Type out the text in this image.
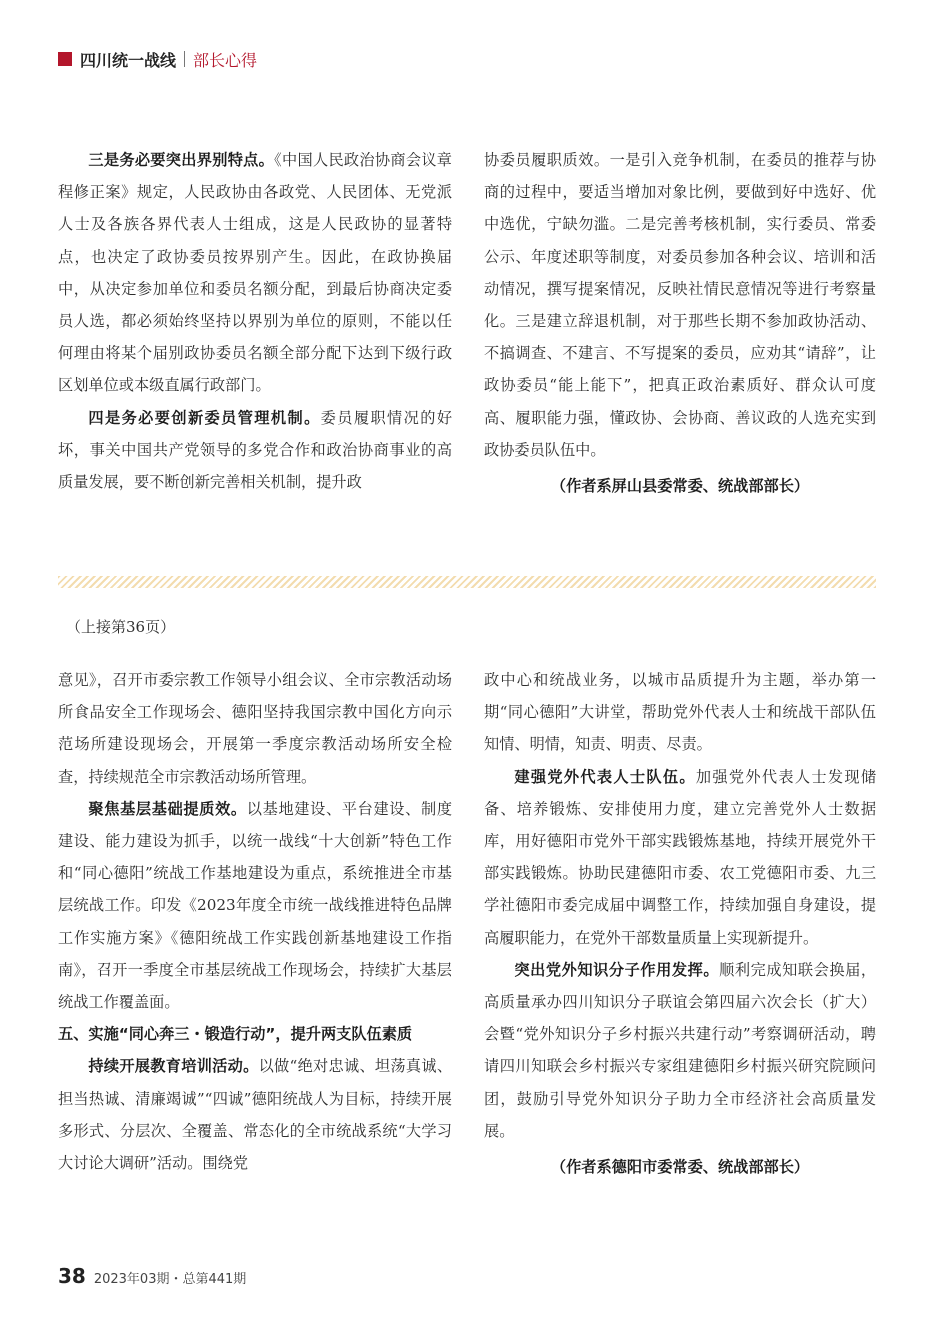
四川统一战线 部长心得

三是务必要突出界别特点。《中国人民政治协商会议章程修正案》规定，人民政协由各政党、人民团体、无党派人士及各族各界代表人士组成，这是人民政协的显著特点，也决定了政协委员按界别产生。因此，在政协换届中，从决定参加单位和委员名额分配，到最后协商决定委员人选，都必须始终坚持以界别为单位的原则，不能以任何理由将某个届别政协委员名额全部分配下达到下级行政区划单位或本级直属行政部门。

四是务必要创新委员管理机制。委员履职情况的好坏，事关中国共产党领导的多党合作和政治协商事业的高质量发展，要不断创新完善相关机制，提升政

协委员履职质效。一是引入竞争机制，在委员的推荐与协商的过程中，要适当增加对象比例，要做到好中选好、优中选优，宁缺勿滥。二是完善考核机制，实行委员、常委公示、年度述职等制度，对委员参加各种会议、培训和活动情况，撰写提案情况，反映社情民意情况等进行考察量化。三是建立辞退机制，对于那些长期不参加政协活动、不搞调查、不建言、不写提案的委员，应劝其“请辞”，让政协委员“能上能下”，把真正政治素质好、群众认可度高、履职能力强，懂政协、会协商、善议政的人选充实到政协委员队伍中。

（作者系屏山县委常委、统战部部长）

（上接第36页）

意见》，召开市委宗教工作领导小组会议、全市宗教活动场所食品安全工作现场会、德阳坚持我国宗教中国化方向示范场所建设现场会，开展第一季度宗教活动场所安全检查，持续规范全市宗教活动场所管理。

聚焦基层基础提质效。以基地建设、平台建设、制度建设、能力建设为抓手，以统一战线“十大创新”特色工作和“同心德阳”统战工作基地建设为重点，系统推进全市基层统战工作。印发《2023年度全市统一战线推进特色品牌工作实施方案》《德阳统战工作实践创新基地建设工作指南》，召开一季度全市基层统战工作现场会，持续扩大基层统战工作覆盖面。

五、实施“同心奔三・锻造行动”，提升两支队伍素质

持续开展教育培训活动。以做“绝对忠诚、坦荡真诚、担当热诚、清廉竭诚”“四诚”德阳统战人为目标，持续开展多形式、分层次、全覆盖、常态化的全市统战系统“大学习大讨论大调研”活动。围绕党

政中心和统战业务，以城市品质提升为主题，举办第一期“同心德阳”大讲堂，帮助党外代表人士和统战干部队伍知情、明情，知责、明责、尽责。

建强党外代表人士队伍。加强党外代表人士发现储备、培养锻炼、安排使用力度，建立完善党外人士数据库，用好德阳市党外干部实践锻炼基地，持续开展党外干部实践锻炼。协助民建德阳市委、农工党德阳市委、九三学社德阳市委完成届中调整工作，持续加强自身建设，提高履职能力，在党外干部数量质量上实现新提升。

突出党外知识分子作用发挥。顺利完成知联会换届，高质量承办四川知识分子联谊会第四届六次会长（扩大）会暨“党外知识分子乡村振兴共建行动”考察调研活动，聘请四川知联会乡村振兴专家组建德阳乡村振兴研究院顾问团，鼓励引导党外知识分子助力全市经济社会高质量发展。

（作者系德阳市委常委、统战部部长）

38 2023年03期・总第441期
